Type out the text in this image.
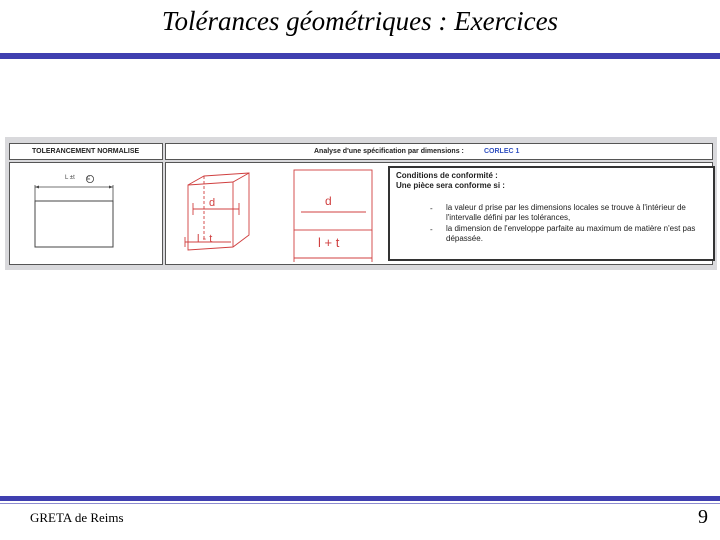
Tolérances géométriques : Exercices
TOLERANCEMENT NORMALISE	Analyse d'une spécification par dimensions :	CORLEC 1
E
L ±t
d
l - t
d
l + t
Conditions de conformité :
Une pièce sera conforme si :
- la valeur d prise par les dimensions locales se trouve à l'intérieur de l'intervalle défini par les tolérances,
- la dimension de l'enveloppe parfaite au maximum de matière n'est pas dépassée.
GRETA de Reims	9
